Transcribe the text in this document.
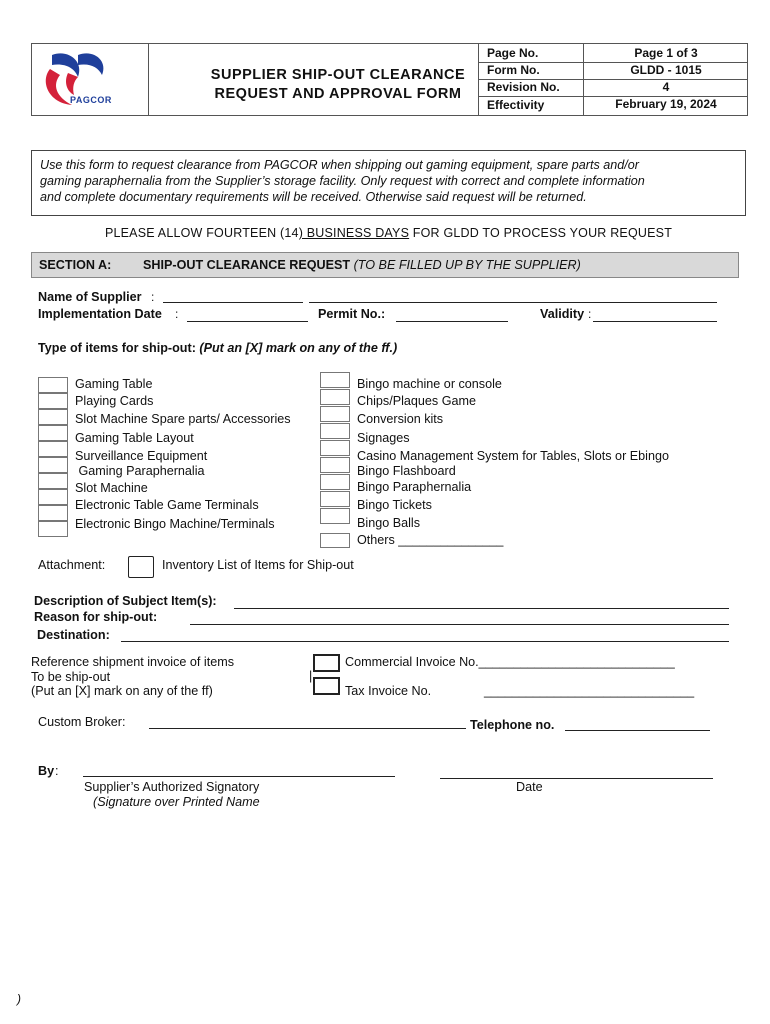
PAGCOR
SUPPLIER SHIP-OUT CLEARANCE
REQUEST AND APPROVAL FORM
Page No.	Page 1 of 3
Form No.	GLDD - 1015
Revision No.	4
Effectivity	February 19, 2024
Use this form to request clearance from PAGCOR when shipping out gaming equipment, spare parts and/or
gaming paraphernalia from the Supplier’s storage facility. Only request with correct and complete information
and complete documentary requirements will be received. Otherwise said request will be returned.
PLEASE ALLOW FOURTEEN (14) BUSINESS DAYS FOR GLDD TO PROCESS YOUR REQUEST
SECTION A:	SHIP-OUT CLEARANCE REQUEST (TO BE FILLED UP BY THE SUPPLIER)
Name of Supplier :
Implementation Date :	Permit No.:	Validity :
Type of items for ship-out: (Put an [X] mark on any of the ff.)
Gaming Table
Playing Cards
Slot Machine Spare parts/ Accessories
Gaming Table Layout
Surveillance Equipment
Gaming Paraphernalia
Slot Machine
Electronic Table Game Terminals
Electronic Bingo Machine/Terminals
Bingo machine or console
Chips/Plaques Game
Conversion kits
Signages
Casino Management System for Tables, Slots or Ebingo
Bingo Flashboard
Bingo Paraphernalia
Bingo Tickets
Bingo Balls
Others _______________
Attachment:	Inventory List of Items for Ship-out
Description of Subject Item(s):
Reason for ship-out:
Destination:
Reference shipment invoice of items
To be ship-out
(Put an [X] mark on any of the ff)
|
Commercial Invoice No.____________________________
Tax Invoice No.	______________________________
Custom Broker:	Telephone no.
By :
Supplier’s Authorized Signatory
(Signature over Printed Name
Date
)
